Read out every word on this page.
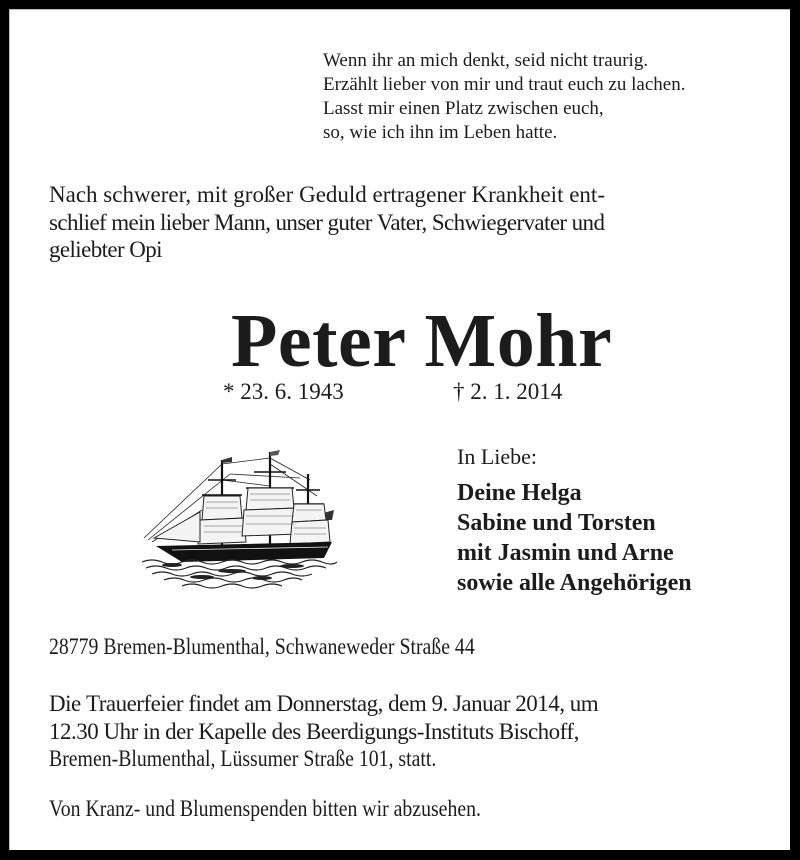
Wenn ihr an mich denkt, seid nicht traurig.
Erzählt lieber von mir und traut euch zu lachen.
Lasst mir einen Platz zwischen euch,
so, wie ich ihn im Leben hatte.
Nach schwerer, mit großer Geduld ertragener Krankheit ent-
schlief mein lieber Mann, unser guter Vater, Schwiegervater und
geliebter Opi
Peter Mohr
* 23. 6. 1943	† 2. 1. 2014
In Liebe:
Deine Helga
Sabine und Torsten
mit Jasmin und Arne
sowie alle Angehörigen
28779 Bremen-Blumenthal, Schwaneweder Straße 44
Die Trauerfeier findet am Donnerstag, dem 9. Januar 2014, um
12.30 Uhr in der Kapelle des Beerdigungs-Instituts Bischoff,
Bremen-Blumenthal, Lüssumer Straße 101, statt.
Von Kranz- und Blumenspenden bitten wir abzusehen.
